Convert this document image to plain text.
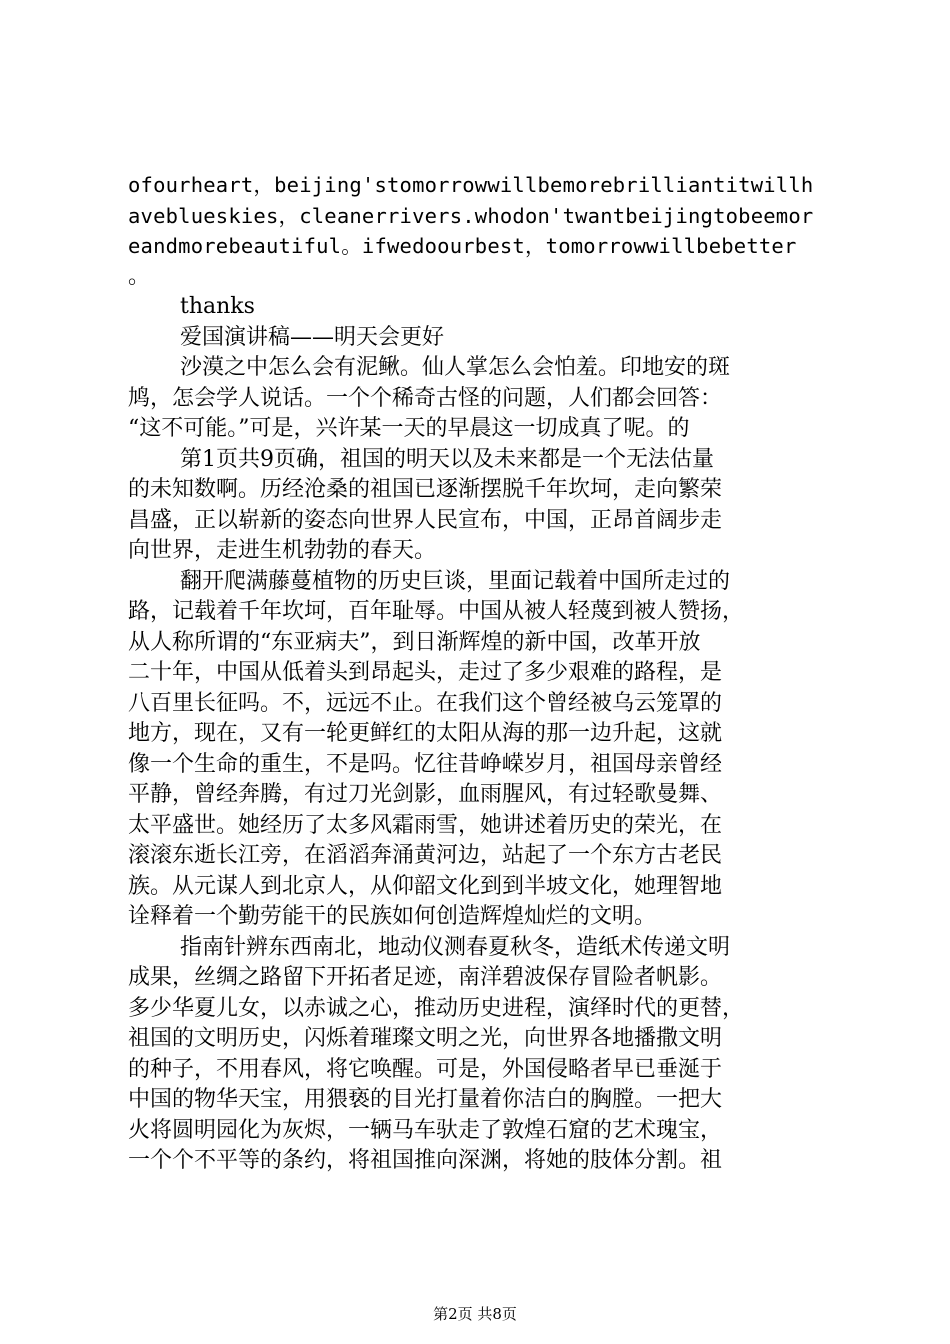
ofourheart，beijing'stomorrowwillbemorebrilliantitwillh
aveblueskies，cleanerrivers.whodon'twantbeijingtobeemor
eandmorebeautiful。ifwedoourbest，tomorrowwillbebetter
。
thanks
爱国演讲稿——明天会更好
沙漠之中怎么会有泥鳅。仙人掌怎么会怕羞。印地安的斑
鸠，怎会学人说话。一个个稀奇古怪的问题，人们都会回答：
“这不可能。”可是，兴许某一天的早晨这一切成真了呢。的
第1页共9页确，祖国的明天以及未来都是一个无法估量
的未知数啊。历经沧桑的祖国已逐渐摆脱千年坎坷，走向繁荣
昌盛，正以崭新的姿态向世界人民宣布，中国，正昂首阔步走
向世界，走进生机勃勃的春天。
翻开爬满藤蔓植物的历史巨谈，里面记载着中国所走过的
路，记载着千年坎坷，百年耻辱。中国从被人轻蔑到被人赞扬，
从人称所谓的“东亚病夫”，到日渐辉煌的新中国，改革开放
二十年，中国从低着头到昂起头，走过了多少艰难的路程，是
八百里长征吗。不，远远不止。在我们这个曾经被乌云笼罩的
地方，现在，又有一轮更鲜红的太阳从海的那一边升起，这就
像一个生命的重生，不是吗。忆往昔峥嵘岁月，祖国母亲曾经
平静，曾经奔腾，有过刀光剑影，血雨腥风，有过轻歌曼舞、
太平盛世。她经历了太多风霜雨雪，她讲述着历史的荣光，在
滚滚东逝长江旁，在滔滔奔涌黄河边，站起了一个东方古老民
族。从元谋人到北京人，从仰韶文化到到半坡文化，她理智地
诠释着一个勤劳能干的民族如何创造辉煌灿烂的文明。
指南针辨东西南北，地动仪测春夏秋冬，造纸术传递文明
成果，丝绸之路留下开拓者足迹，南洋碧波保存冒险者帆影。
多少华夏儿女，以赤诚之心，推动历史进程，演绎时代的更替，
祖国的文明历史，闪烁着璀璨文明之光，向世界各地播撒文明
的种子，不用春风，将它唤醒。可是，外国侵略者早已垂涎于
中国的物华天宝，用猥亵的目光打量着你洁白的胸膛。一把大
火将圆明园化为灰烬，一辆马车驮走了敦煌石窟的艺术瑰宝，
一个个不平等的条约，将祖国推向深渊，将她的肢体分割。祖
第2页 共8页
